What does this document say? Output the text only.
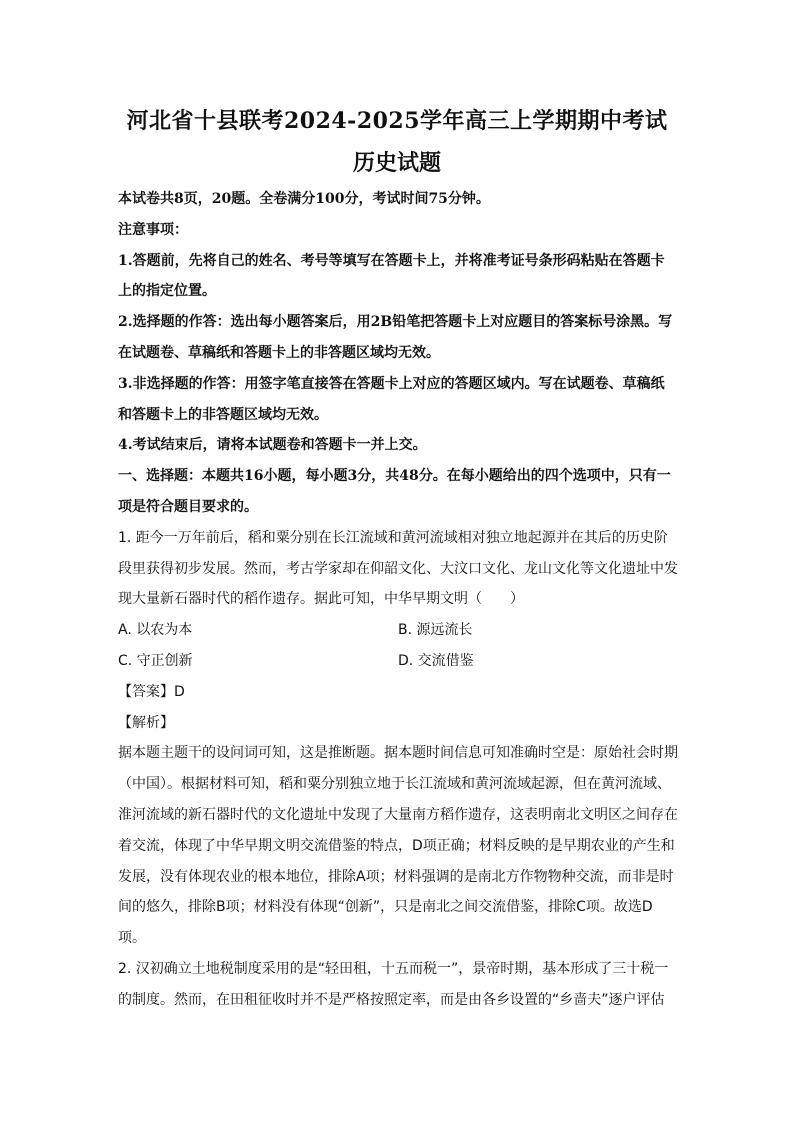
河北省十县联考2024-2025学年高三上学期期中考试
历史试题

本试卷共8页，20题。全卷满分100分，考试时间75分钟。

注意事项：

1.答题前，先将自己的姓名、考号等填写在答题卡上，并将准考证号条形码粘贴在答题卡上的指定位置。

2.选择题的作答：选出每小题答案后，用2B铅笔把答题卡上对应题目的答案标号涂黑。写在试题卷、草稿纸和答题卡上的非答题区域均无效。

3.非选择题的作答：用签字笔直接答在答题卡上对应的答题区域内。写在试题卷、草稿纸和答题卡上的非答题区域均无效。

4.考试结束后，请将本试题卷和答题卡一并上交。

一、选择题：本题共16小题，每小题3分，共48分。在每小题给出的四个选项中，只有一项是符合题目要求的。

1. 距今一万年前后，稻和粟分别在长江流域和黄河流域相对独立地起源并在其后的历史阶段里获得初步发展。然而，考古学家却在仰韶文化、大汶口文化、龙山文化等文化遗址中发现大量新石器时代的稻作遗存。据此可知，中华早期文明（　　）

A. 以农为本	B. 源远流长
C. 守正创新	D. 交流借鉴

【答案】D

【解析】

据本题主题干的设问词可知，这是推断题。据本题时间信息可知准确时空是：原始社会时期（中国）。根据材料可知，稻和粟分别独立地于长江流域和黄河流域起源，但在黄河流域、淮河流域的新石器时代的文化遗址中发现了大量南方稻作遗存，这表明南北文明区之间存在着交流，体现了中华早期文明交流借鉴的特点，D项正确；材料反映的是早期农业的产生和发展，没有体现农业的根本地位，排除A项；材料强调的是南北方作物物种交流，而非是时间的悠久，排除B项；材料没有体现“创新”，只是南北之间交流借鉴，排除C项。故选D项。

2. 汉初确立土地税制度采用的是“轻田租，十五而税一”，景帝时期，基本形成了三十税一的制度。然而，在田租征收时并不是严格按照定率，而是由各乡设置的“乡啬夫”逐户评估
